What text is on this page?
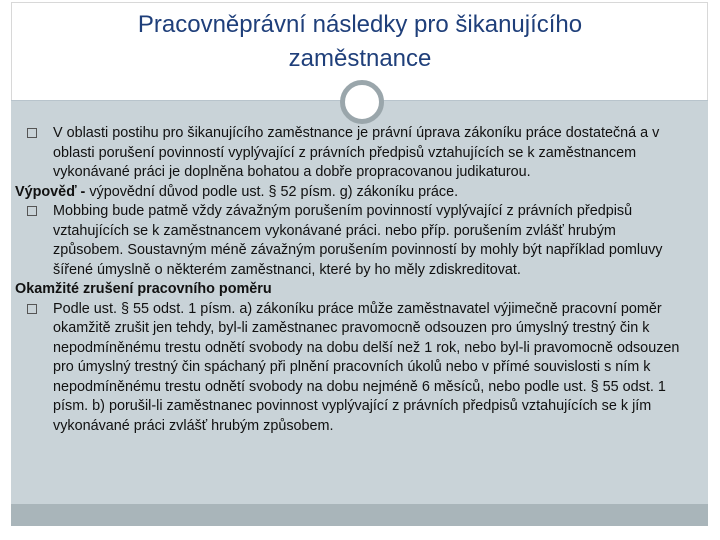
Pracovněprávní následky pro šikanujícího
zaměstnance

V oblasti postihu pro šikanujícího zaměstnance je právní úprava zákoníku práce dostatečná a v oblasti porušení povinností vyplývající z právních předpisů vztahujících se k zaměstnancem vykonávané práci je doplněna bohatou a dobře propracovanou judikaturou.

Výpověď - výpovědní důvod podle ust. § 52 písm. g) zákoníku práce.

Mobbing bude patmě vždy závažným porušením povinností vyplývající z právních předpisů vztahujících se k zaměstnancem vykonávané práci. nebo příp. porušením zvlášť hrubým způsobem. Soustavným méně závažným porušením povinností by mohly být například pomluvy šířené úmyslně o některém zaměstnanci, které by ho měly zdiskreditovat.

Okamžité zrušení pracovního poměru

Podle ust. § 55 odst. 1 písm. a) zákoníku práce může zaměstnavatel výjimečně pracovní poměr okamžitě zrušit jen tehdy, byl-li zaměstnanec pravomocně odsouzen pro úmyslný trestný čin k nepodmíněnému trestu odnětí svobody na dobu delší než 1 rok, nebo byl-li pravomocně odsouzen pro úmyslný trestný čin spáchaný při plnění pracovních úkolů nebo v přímé souvislosti s ním k nepodmíněnému trestu odnětí svobody na dobu nejméně 6 měsíců, nebo podle ust. § 55 odst. 1 písm. b) porušil-li zaměstnanec povinnost vyplývající z právních předpisů vztahujících se k jím vykonávané práci zvlášť hrubým způsobem.
